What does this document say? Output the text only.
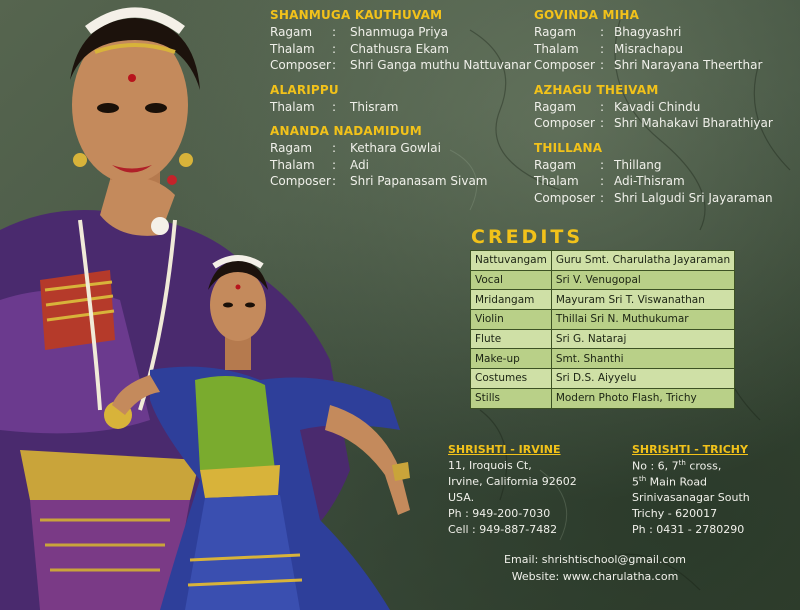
SHANMUGA KAUTHUVAM
Ragam : Shanmuga Priya
Thalam : Chathusra Ekam
Composer : Shri Ganga muthu Nattuvanar
ALARIPPU
Thalam : Thisram
ANANDA NADAMIDUM
Ragam : Kethara Gowlai
Thalam : Adi
Composer : Shri Papanasam Sivam
GOVINDA MIHA
Ragam : Bhagyashri
Thalam : Misrachapu
Composer : Shri Narayana Theerthar
AZHAGU THEIVAM
Ragam : Kavadi Chindu
Composer : Shri Mahakavi Bharathiyar
THILLANA
Ragam : Thillang
Thalam : Adi-Thisram
Composer : Shri Lalgudi Sri Jayaraman
CREDITS
Nattuvangam	Guru Smt. Charulatha Jayaraman
Vocal	Sri V. Venugopal
Mridangam	Mayuram Sri T. Viswanathan
Violin	Thillai Sri N. Muthukumar
Flute	Sri G. Nataraj
Make-up	Smt. Shanthi
Costumes	Sri D.S. Aiyyelu
Stills	Modern Photo Flash, Trichy
SHRISHTI - IRVINE
11, Iroquois Ct,
Irvine, California 92602
USA.
Ph : 949-200-7030
Cell : 949-887-7482
SHRISHTI - TRICHY
No : 6, 7th cross,
5th Main Road
Srinivasanagar South
Trichy - 620017
Ph : 0431 - 2780290
Email: shrishtischool@gmail.com
Website: www.charulatha.com
